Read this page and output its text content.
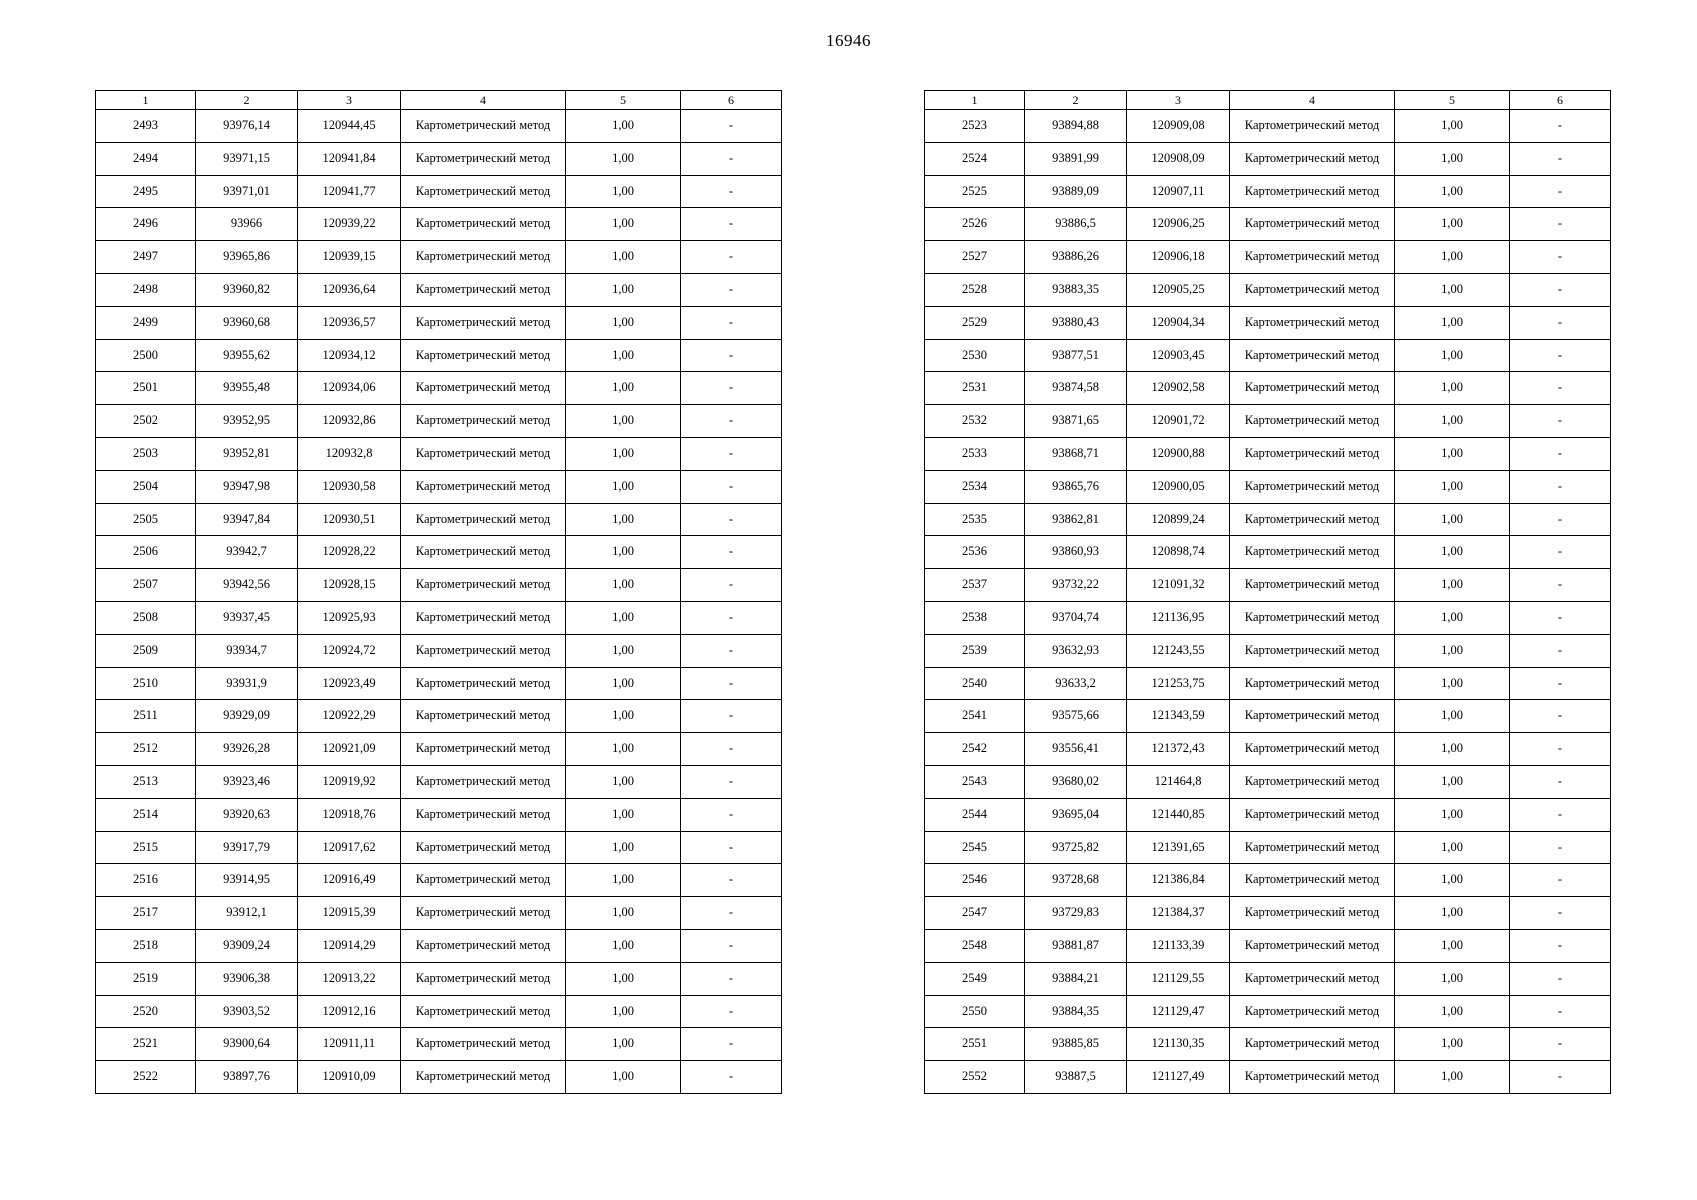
16946
1	2	3	4	5	6
2493	93976,14	120944,45	Картометрический метод	1,00	-
2494	93971,15	120941,84	Картометрический метод	1,00	-
2495	93971,01	120941,77	Картометрический метод	1,00	-
2496	93966	120939,22	Картометрический метод	1,00	-
2497	93965,86	120939,15	Картометрический метод	1,00	-
2498	93960,82	120936,64	Картометрический метод	1,00	-
2499	93960,68	120936,57	Картометрический метод	1,00	-
2500	93955,62	120934,12	Картометрический метод	1,00	-
2501	93955,48	120934,06	Картометрический метод	1,00	-
2502	93952,95	120932,86	Картометрический метод	1,00	-
2503	93952,81	120932,8	Картометрический метод	1,00	-
2504	93947,98	120930,58	Картометрический метод	1,00	-
2505	93947,84	120930,51	Картометрический метод	1,00	-
2506	93942,7	120928,22	Картометрический метод	1,00	-
2507	93942,56	120928,15	Картометрический метод	1,00	-
2508	93937,45	120925,93	Картометрический метод	1,00	-
2509	93934,7	120924,72	Картометрический метод	1,00	-
2510	93931,9	120923,49	Картометрический метод	1,00	-
2511	93929,09	120922,29	Картометрический метод	1,00	-
2512	93926,28	120921,09	Картометрический метод	1,00	-
2513	93923,46	120919,92	Картометрический метод	1,00	-
2514	93920,63	120918,76	Картометрический метод	1,00	-
2515	93917,79	120917,62	Картометрический метод	1,00	-
2516	93914,95	120916,49	Картометрический метод	1,00	-
2517	93912,1	120915,39	Картометрический метод	1,00	-
2518	93909,24	120914,29	Картометрический метод	1,00	-
2519	93906,38	120913,22	Картометрический метод	1,00	-
2520	93903,52	120912,16	Картометрический метод	1,00	-
2521	93900,64	120911,11	Картометрический метод	1,00	-
2522	93897,76	120910,09	Картометрический метод	1,00	-
1	2	3	4	5	6
2523	93894,88	120909,08	Картометрический метод	1,00	-
2524	93891,99	120908,09	Картометрический метод	1,00	-
2525	93889,09	120907,11	Картометрический метод	1,00	-
2526	93886,5	120906,25	Картометрический метод	1,00	-
2527	93886,26	120906,18	Картометрический метод	1,00	-
2528	93883,35	120905,25	Картометрический метод	1,00	-
2529	93880,43	120904,34	Картометрический метод	1,00	-
2530	93877,51	120903,45	Картометрический метод	1,00	-
2531	93874,58	120902,58	Картометрический метод	1,00	-
2532	93871,65	120901,72	Картометрический метод	1,00	-
2533	93868,71	120900,88	Картометрический метод	1,00	-
2534	93865,76	120900,05	Картометрический метод	1,00	-
2535	93862,81	120899,24	Картометрический метод	1,00	-
2536	93860,93	120898,74	Картометрический метод	1,00	-
2537	93732,22	121091,32	Картометрический метод	1,00	-
2538	93704,74	121136,95	Картометрический метод	1,00	-
2539	93632,93	121243,55	Картометрический метод	1,00	-
2540	93633,2	121253,75	Картометрический метод	1,00	-
2541	93575,66	121343,59	Картометрический метод	1,00	-
2542	93556,41	121372,43	Картометрический метод	1,00	-
2543	93680,02	121464,8	Картометрический метод	1,00	-
2544	93695,04	121440,85	Картометрический метод	1,00	-
2545	93725,82	121391,65	Картометрический метод	1,00	-
2546	93728,68	121386,84	Картометрический метод	1,00	-
2547	93729,83	121384,37	Картометрический метод	1,00	-
2548	93881,87	121133,39	Картометрический метод	1,00	-
2549	93884,21	121129,55	Картометрический метод	1,00	-
2550	93884,35	121129,47	Картометрический метод	1,00	-
2551	93885,85	121130,35	Картометрический метод	1,00	-
2552	93887,5	121127,49	Картометрический метод	1,00	-
